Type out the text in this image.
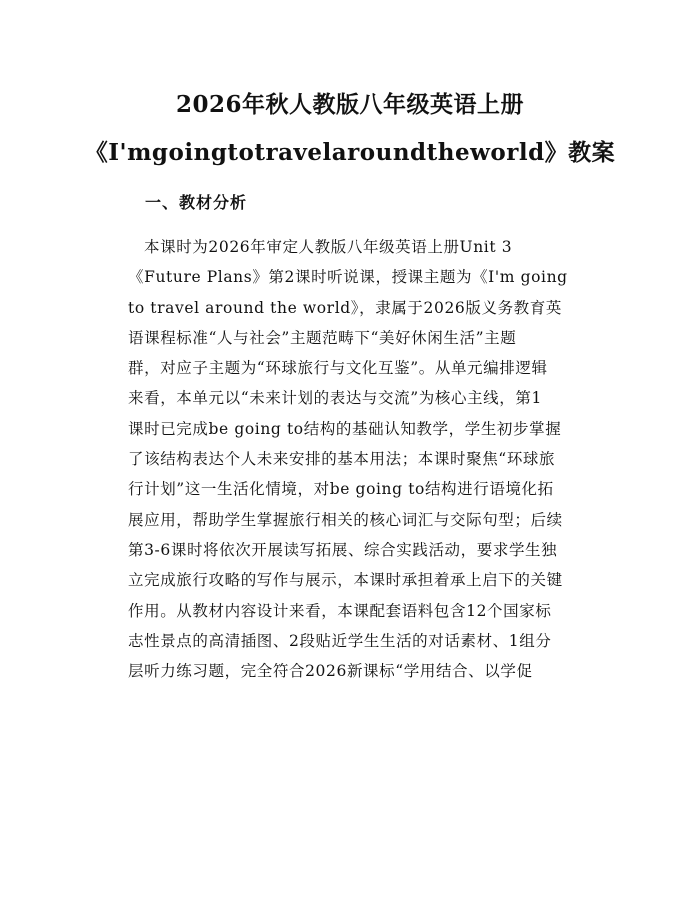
2026年秋人教版八年级英语上册
《I'mgoingtotravelaroundtheworld》教案
一、教材分析

本课时为2026年审定人教版八年级英语上册Unit 3
《Future Plans》第2课时听说课，授课主题为《I'm going
to travel around the world》，隶属于2026版义务教育英
语课程标准“人与社会”主题范畴下“美好休闲生活”主题
群，对应子主题为“环球旅行与文化互鉴”。从单元编排逻辑
来看，本单元以“未来计划的表达与交流”为核心主线，第1
课时已完成be going to结构的基础认知教学，学生初步掌握
了该结构表达个人未来安排的基本用法；本课时聚焦“环球旅
行计划”这一生活化情境，对be going to结构进行语境化拓
展应用，帮助学生掌握旅行相关的核心词汇与交际句型；后续
第3-6课时将依次开展读写拓展、综合实践活动，要求学生独
立完成旅行攻略的写作与展示，本课时承担着承上启下的关键
作用。从教材内容设计来看，本课配套语料包含12个国家标
志性景点的高清插图、2段贴近学生生活的对话素材、1组分
层听力练习题，完全符合2026新课标“学用结合、以学促
